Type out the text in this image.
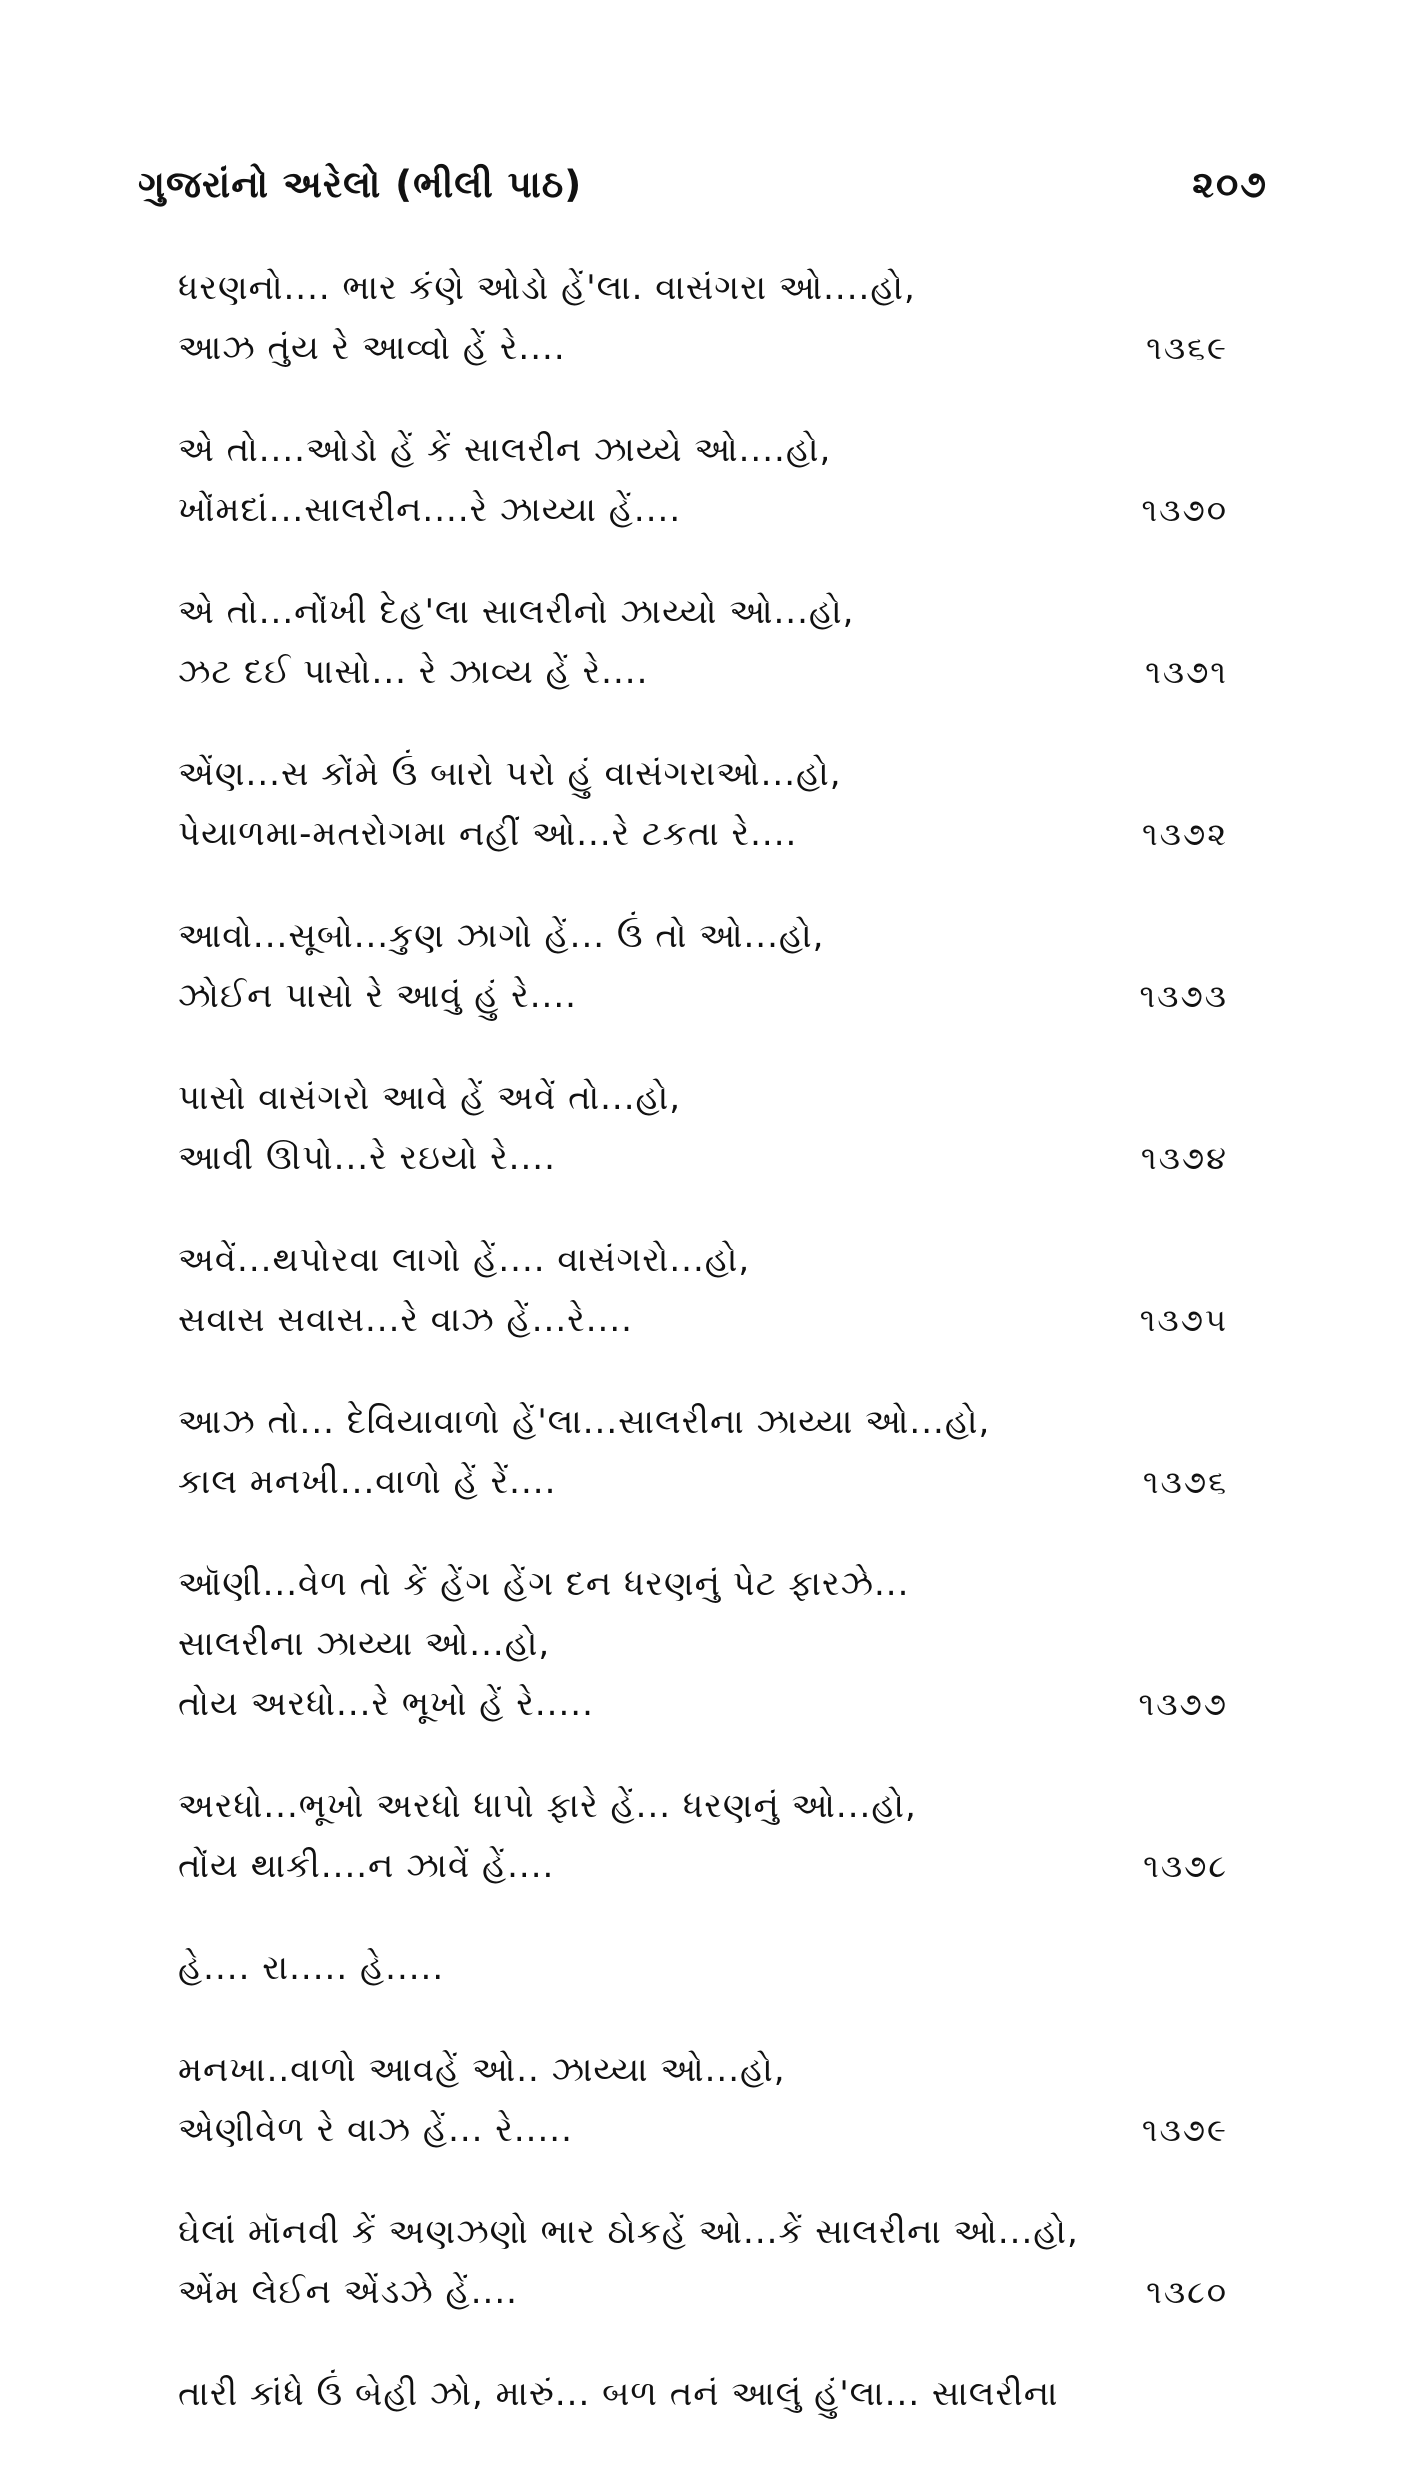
ગુજરાંનો અરેલો (ભીલી પાઠ)	૨૦૭
ધરણનો.... ભાર કંણે ઓડો હેં'લા. વાસંગરા ઓ....હો,
આઝ તુંય રે આવ્વો હેં રે....	૧૩૬૯
એ તો....ઓડો હેં કેં સાલરીન ઝાય્યે ઓ....હો,
ખોંમદાં...સાલરીન....રે ઝાય્યા હેં....	૧૩૭૦
એ તો...નોંખી દેહ'લા સાલરીનો ઝાય્યો ઓ...હો,
ઝટ દઈ પાસો... રે ઝાવ્ય હેં રે....	૧૩૭૧
એંણ...સ કોંમે ઉં બારો પરો હું વાસંગરાઓ...હો,
પેયાળમા-મતરોગમા નહીં ઓ...રે ટકતા રે....	૧૩૭૨
આવો...સૂબો...કુણ ઝાગો હેં... ઉં તો ઓ...હો,
ઝોઈન પાસો રે આવું હું રે....	૧૩૭૩
પાસો વાસંગરો આવે હેં અવેં તો...હો,
આવી ઊપો...રે રઇયો રે....	૧૩૭૪
અવેં...થપોરવા લાગો હેં.... વાસંગરો...હો,
સવાસ સવાસ...રે વાઝ હેં...રે....	૧૩૭૫
આઝ તો... દેવિયાવાળો હેં'લા...સાલરીના ઝાય્યા ઓ...હો,
કાલ મનખી...વાળો હેં રેં....	૧૩૭૬
ઑણી...વેળ તો કેં હેંગ હેંગ દન ધરણનું પેટ ફારઝે...
સાલરીના ઝાય્યા ઓ...હો,
તોય અરધો...રે ભૂખો હેં રે.....	૧૩૭૭
અરધો...ભૂખો અરધો ધાપો ફારે હેં... ધરણનું ઓ...હો,
તોંય થાકી....ન ઝાવેં હેં....	૧૩૭૮
હે.... રા..... હે.....
મનખા..વાળો આવહેં ઓ.. ઝાય્યા ઓ...હો,
એણીવેળ રે વાઝ હેં... રે.....	૧૩૭૯
ઘેલાં મૉનવી કેં અણઝણો ભાર ઠોકહેં ઓ...કેં સાલરીના ઓ...હો,
એંમ લેઈન એંડઝે હેં....	૧૩૮૦
તારી કાંધે ઉં બેહી ઝો, મારું... બળ તનં આલું હું'લા... સાલરીના
